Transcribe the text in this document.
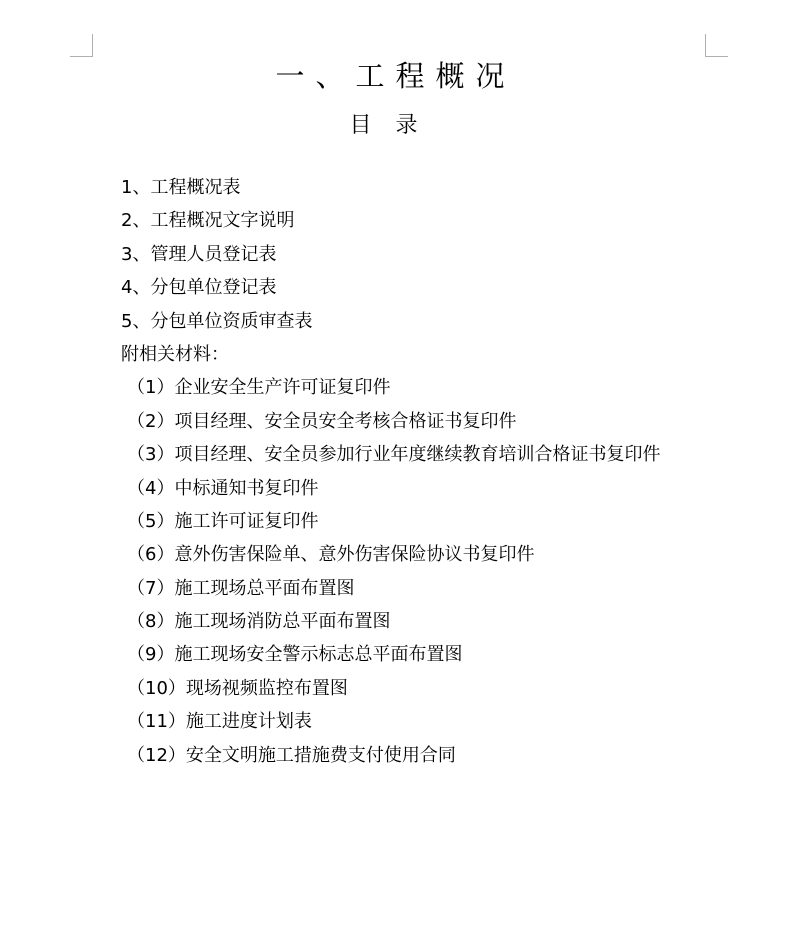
一、工程概况
目录
1、工程概况表
2、工程概况文字说明
3、管理人员登记表
4、分包单位登记表
5、分包单位资质审查表
附相关材料：
（1）企业安全生产许可证复印件
（2）项目经理、安全员安全考核合格证书复印件
（3）项目经理、安全员参加行业年度继续教育培训合格证书复印件
（4）中标通知书复印件
（5）施工许可证复印件
（6）意外伤害保险单、意外伤害保险协议书复印件
（7）施工现场总平面布置图
（8）施工现场消防总平面布置图
（9）施工现场安全警示标志总平面布置图
（10）现场视频监控布置图
（11）施工进度计划表
（12）安全文明施工措施费支付使用合同
